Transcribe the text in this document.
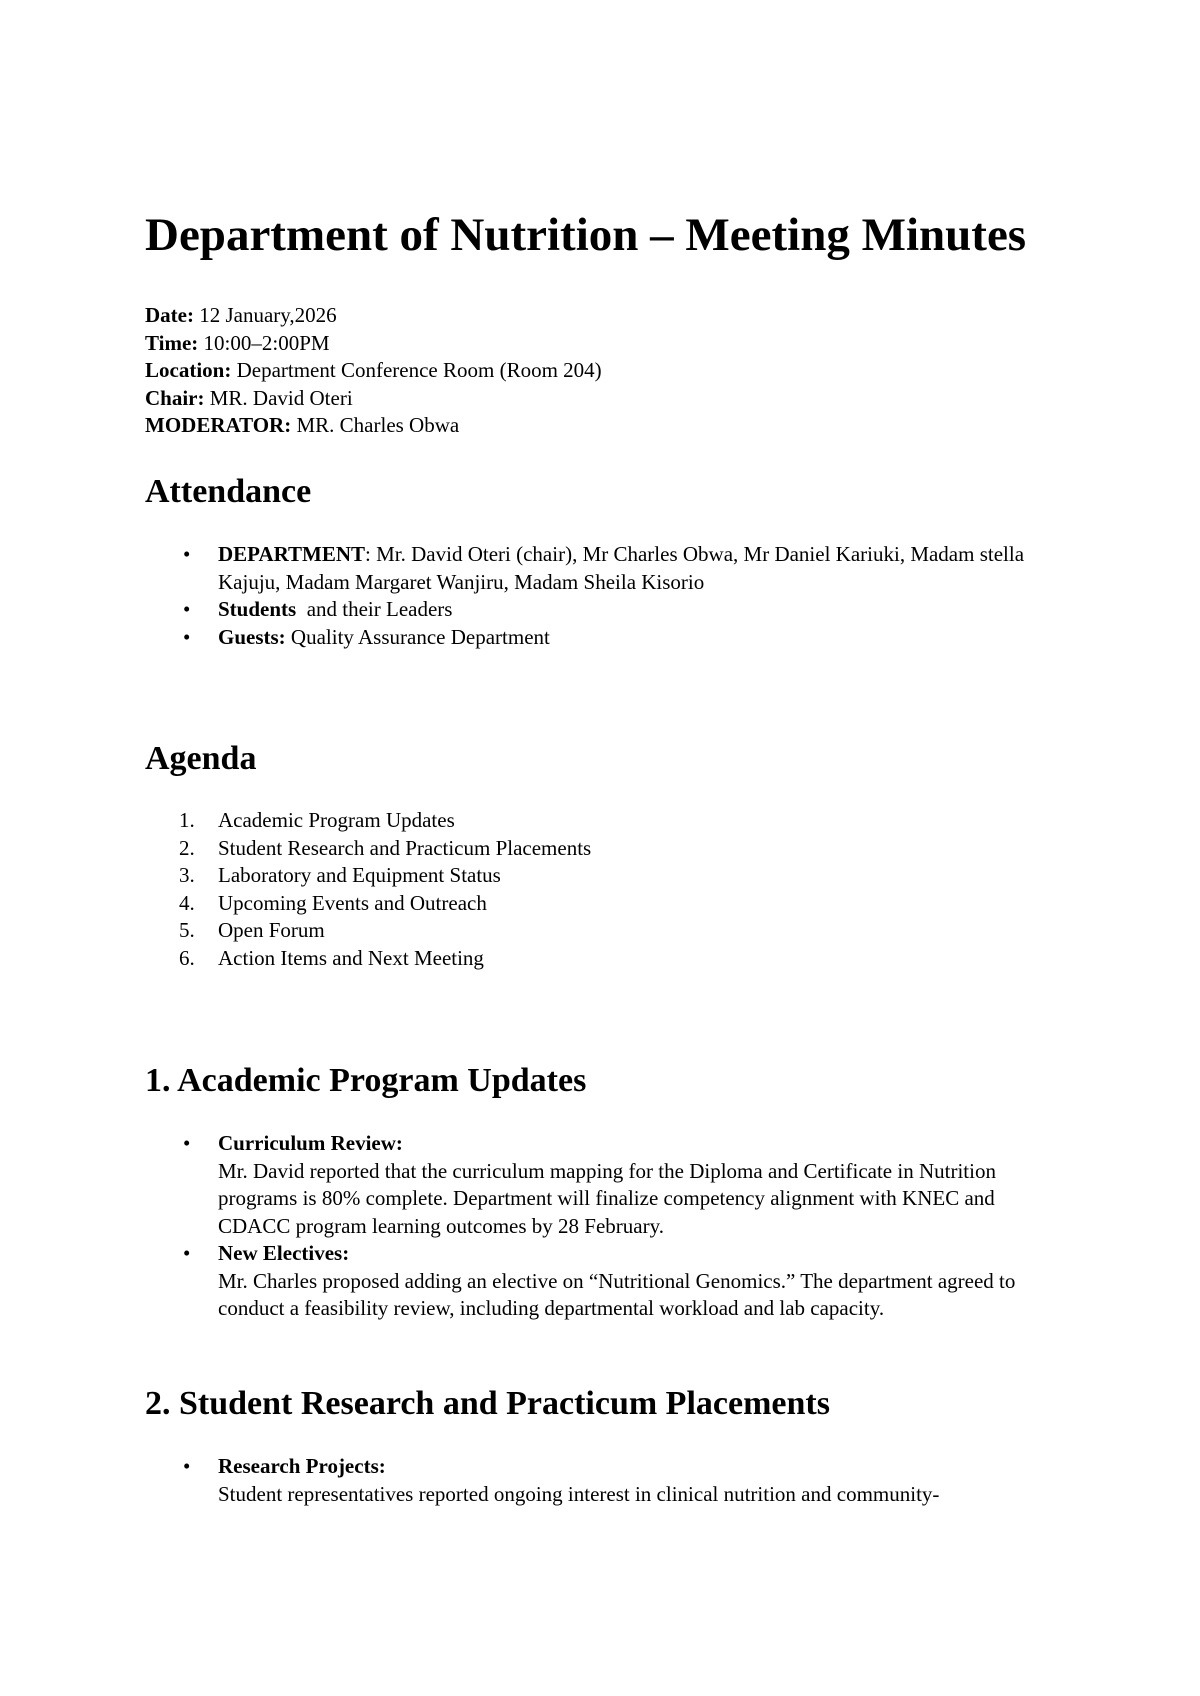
Department of Nutrition – Meeting Minutes
Date: 12 January,2026
Time: 10:00–2:00PM
Location: Department Conference Room (Room 204)
Chair: MR. David Oteri
MODERATOR: MR. Charles Obwa
Attendance
• DEPARTMENT: Mr. David Oteri (chair), Mr Charles Obwa, Mr Daniel Kariuki, Madam stella Kajuju, Madam Margaret Wanjiru, Madam Sheila Kisorio
• Students  and their Leaders
• Guests: Quality Assurance Department
Agenda
1. Academic Program Updates
2. Student Research and Practicum Placements
3. Laboratory and Equipment Status
4. Upcoming Events and Outreach
5. Open Forum
6. Action Items and Next Meeting
1. Academic Program Updates
• Curriculum Review:
Mr. David reported that the curriculum mapping for the Diploma and Certificate in Nutrition programs is 80% complete. Department will finalize competency alignment with KNEC and CDACC program learning outcomes by 28 February.
• New Electives:
Mr. Charles proposed adding an elective on “Nutritional Genomics.” The department agreed to conduct a feasibility review, including departmental workload and lab capacity.
2. Student Research and Practicum Placements
• Research Projects:
Student representatives reported ongoing interest in clinical nutrition and community-
